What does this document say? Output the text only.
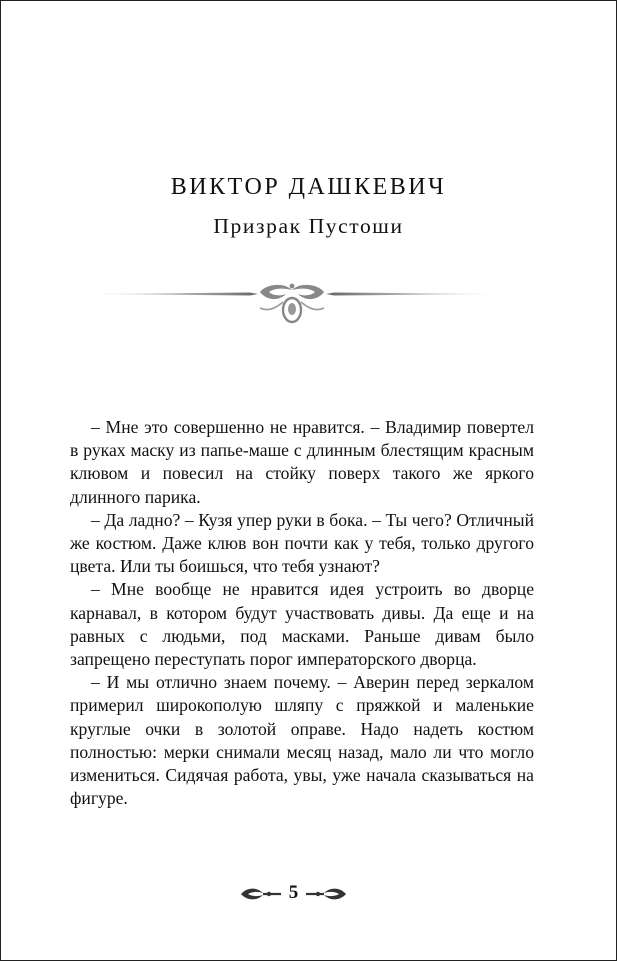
ВИКТОР ДАШКЕВИЧ
Призрак Пустоши

– Мне это совершенно не нравится. – Владимир повертел в руках маску из папье-маше с длинным блестящим красным клювом и повесил на стойку поверх такого же яркого длинного парика.

– Да ладно? – Кузя упер руки в бока. – Ты чего? Отличный же костюм. Даже клюв вон почти как у тебя, только другого цвета. Или ты боишься, что тебя узнают?

– Мне вообще не нравится идея устроить во дворце карнавал, в котором будут участвовать дивы. Да еще и на равных с людьми, под масками. Раньше дивам было запрещено переступать порог императорского дворца.

– И мы отлично знаем почему. – Аверин перед зеркалом примерил широкополую шляпу с пряжкой и маленькие круглые очки в золотой оправе. Надо надеть костюм полностью: мерки снимали месяц назад, мало ли что могло измениться. Сидячая работа, увы, уже начала сказываться на фигуре.

5
